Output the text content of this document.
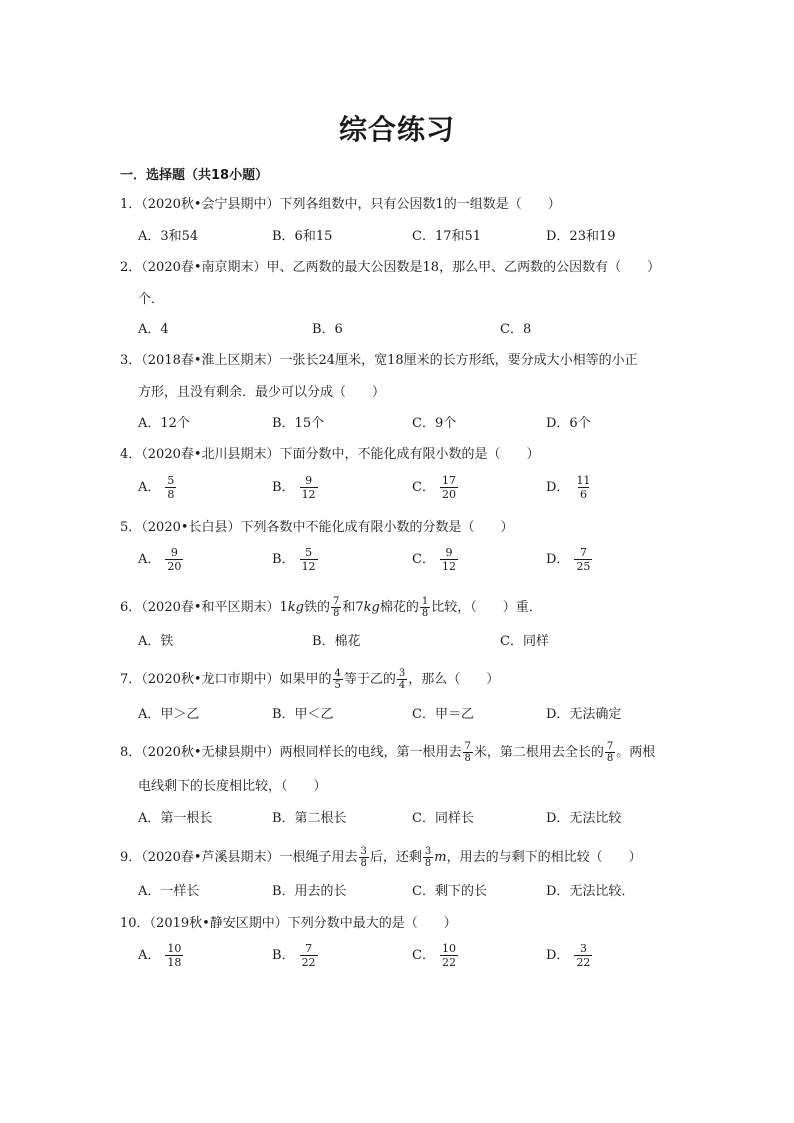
综合练习
一．选择题（共18小题）
1．（2020秋•会宁县期中）下列各组数中，只有公因数1的一组数是（　　）
A．3和54	B．6和15	C．17和51	D．23和19
2．（2020春•南京期末）甲、乙两数的最大公因数是18，那么甲、乙两数的公因数有（　　）
个．
A．4	B．6	C．8
3．（2018春•淮上区期末）一张长24厘米，宽18厘米的长方形纸，要分成大小相等的小正
方形，且没有剩余．最少可以分成（　　）
A．12个	B．15个	C．9个	D．6个
4．（2020春•北川县期末）下面分数中，不能化成有限小数的是（　　）
A． $\frac{5}{8}$	B． $\frac{9}{12}$	C． $\frac{17}{20}$	D． $\frac{11}{6}$
5．（2020•长白县）下列各数中不能化成有限小数的分数是（　　）
A． $\frac{9}{20}$	B． $\frac{5}{12}$	C． $\frac{9}{12}$	D． $\frac{7}{25}$
6．（2020春•和平区期末）1 kg 铁的 $\frac{7}{8}$ 和7 kg 棉花的 $\frac{1}{8}$ 比较，（　　）重．
A．铁	B．棉花	C．同样
7．（2020秋•龙口市期中）如果甲的 $\frac{4}{5}$ 等于乙的 $\frac{3}{4}$ ，那么（　　）
A．甲＞乙	B．甲＜乙	C．甲＝乙	D．无法确定
8．（2020秋•无棣县期中）两根同样长的电线，第一根用去 $\frac{7}{8}$ 米，第二根用去全长的 $\frac{7}{8}$ 。两根
电线剩下的长度相比较，（　　）
A．第一根长	B．第二根长	C．同样长	D．无法比较
9．（2020春•芦溪县期末）一根绳子用去 $\frac{3}{8}$ 后，还剩 $\frac{3}{8}$ m ，用去的与剩下的相比较（　　）
A．一样长	B．用去的长	C．剩下的长	D．无法比较．
10．（2019秋•静安区期中）下列分数中最大的是（　　）
A． $\frac{10}{18}$	B． $\frac{7}{22}$	C． $\frac{10}{22}$	D． $\frac{3}{22}$
